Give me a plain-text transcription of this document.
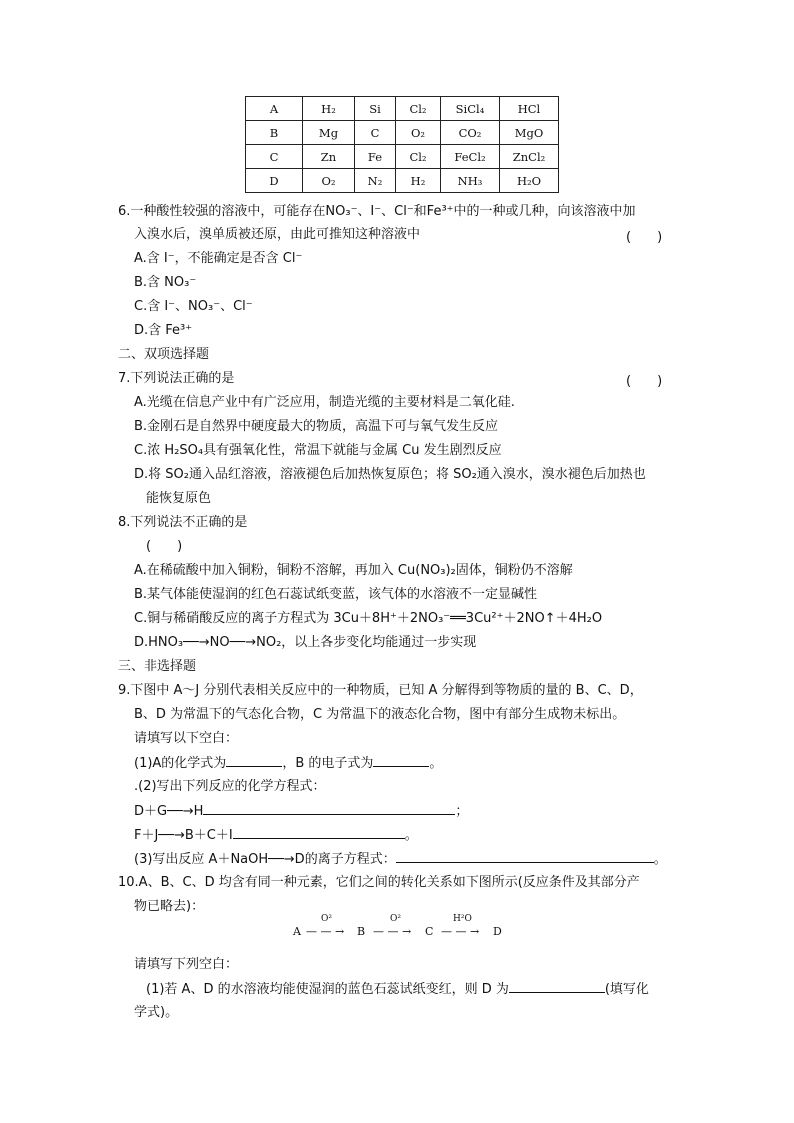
A	H₂	Si	Cl₂	SiCl₄	HCl
B	Mg	C	O₂	CO₂	MgO
C	Zn	Fe	Cl₂	FeCl₂	ZnCl₂
D	O₂	N₂	H₂	NH₃	H₂O
6.一种酸性较强的溶液中，可能存在NO₃⁻、I⁻、Cl⁻和Fe³⁺中的一种或几种，向该溶液中加
入溴水后，溴单质被还原，由此可推知这种溶液中	(　　)
A.含 I⁻，不能确定是否含 Cl⁻
B.含 NO₃⁻
C.含 I⁻、NO₃⁻、Cl⁻
D.含 Fe³⁺
二、双项选择题
7.下列说法正确的是	(　　)
A.光缆在信息产业中有广泛应用，制造光缆的主要材料是二氧化硅.
B.金刚石是自然界中硬度最大的物质，高温下可与氧气发生反应
C.浓 H₂SO₄具有强氧化性，常温下就能与金属 Cu 发生剧烈反应
D.将 SO₂通入品红溶液，溶液褪色后加热恢复原色；将 SO₂通入溴水，溴水褪色后加热也
能恢复原色
8.下列说法不正确的是
(　　)
A.在稀硫酸中加入铜粉，铜粉不溶解，再加入 Cu(NO₃)₂固体，铜粉仍不溶解
B.某气体能使湿润的红色石蕊试纸变蓝，该气体的水溶液不一定显碱性
C.铜与稀硝酸反应的离子方程式为 3Cu＋8H⁺＋2NO₃⁻══3Cu²⁺＋2NO↑＋4H₂O
D.HNO₃──→NO──→NO₂，以上各步变化均能通过一步实现
三、非选择题
9.下图中 A～J 分别代表相关反应中的一种物质，已知 A 分解得到等物质的量的 B、C、D，
B、D 为常温下的气态化合物，C 为常温下的液态化合物，图中有部分生成物未标出。
请填写以下空白：
(1)A的化学式为	，B 的电子式为	。
.(2)写出下列反应的化学方程式：
D＋G──→H	；
F＋J──→B＋C＋I	。
(3)写出反应 A＋NaOH──→D的离子方程式：	。
10.A、B、C、D 均含有同一种元素，它们之间的转化关系如下图所示(反应条件及其部分产
物已略去)：
A
O²
— — → B
O²
— — → C
H²O
— — → D
请填写下列空白：
(1)若 A、D 的水溶液均能使湿润的蓝色石蕊试纸变红，则 D 为	(填写化
学式)。
